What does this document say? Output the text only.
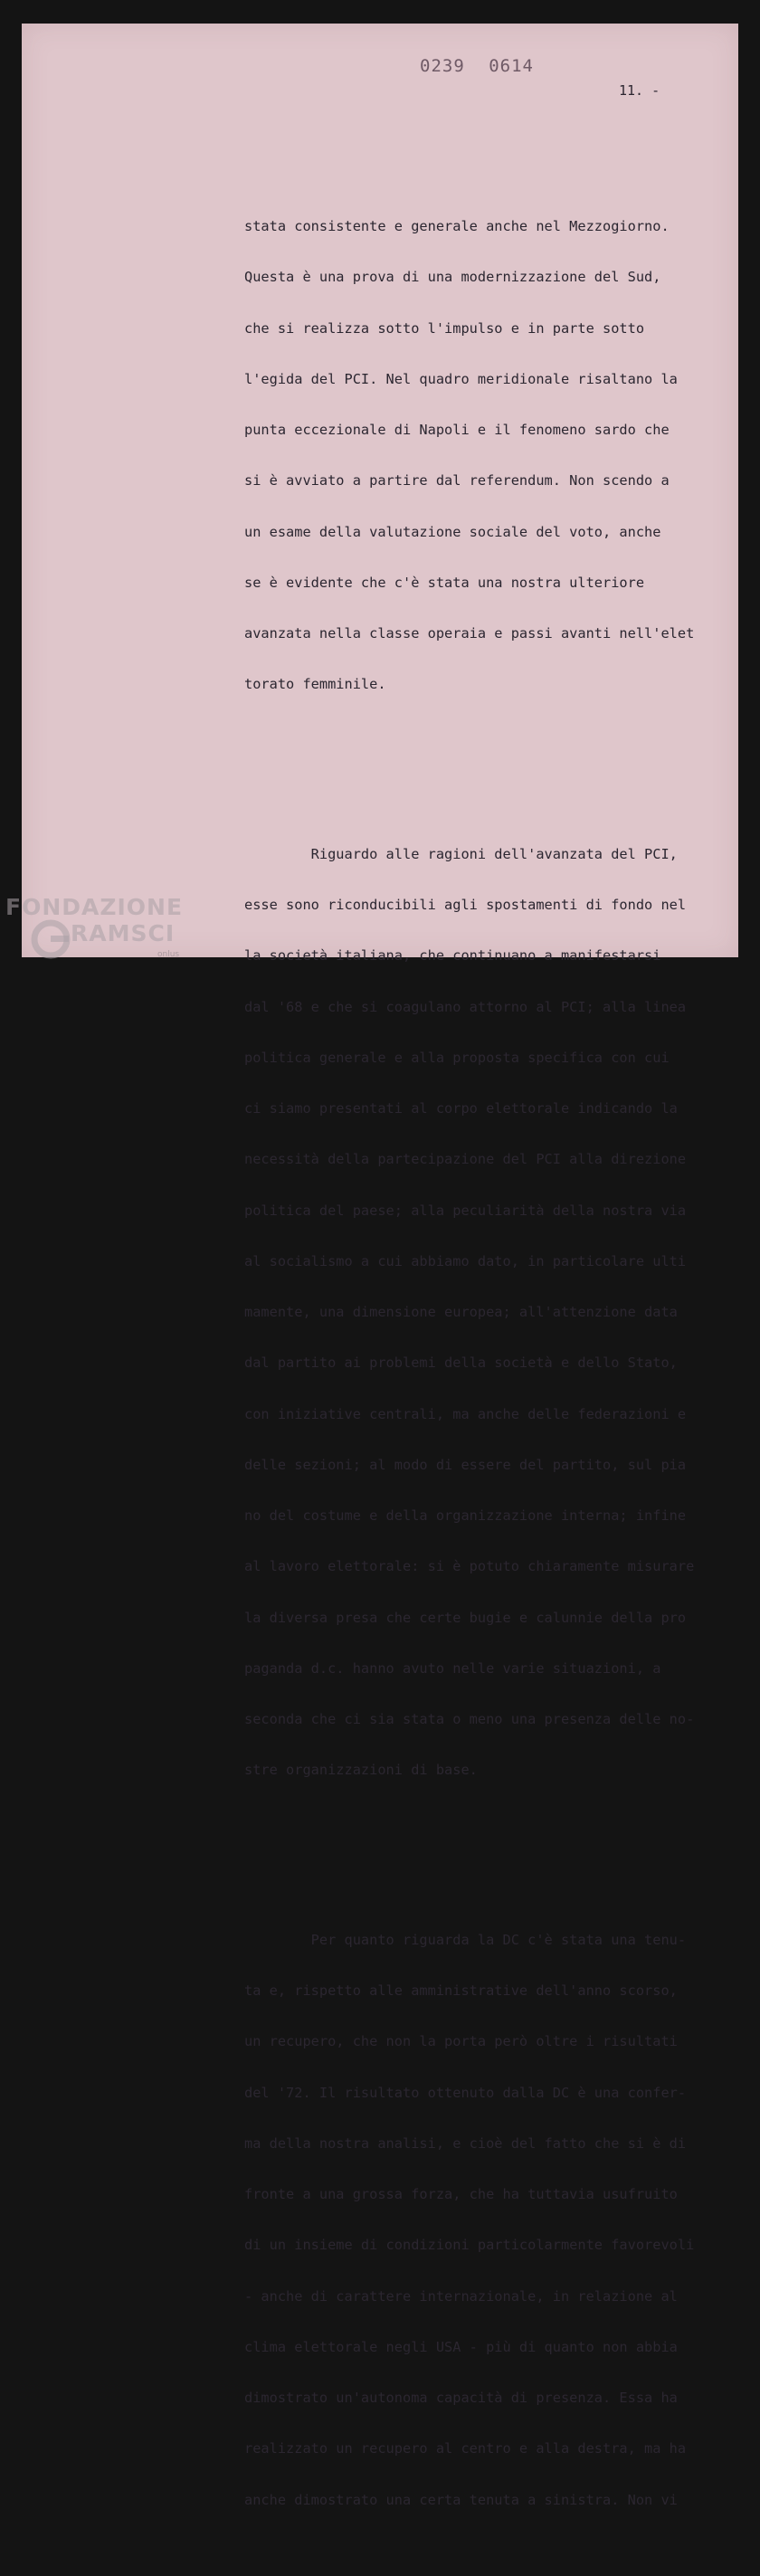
0239 0614
11. -

stata consistente e generale anche nel Mezzogiorno.

Questa è una prova di una modernizzazione del Sud,

che si realizza sotto l'impulso e in parte sotto

l'egida del PCI. Nel quadro meridionale risaltano la

punta eccezionale di Napoli e il fenomeno sardo che

si è avviato a partire dal referendum. Non scendo a

un esame della valutazione sociale del voto, anche

se è evidente che c'è stata una nostra ulteriore

avanzata nella classe operaia e passi avanti nell'elet

torato femminile.

Riguardo alle ragioni dell'avanzata del PCI,

esse sono riconducibili agli spostamenti di fondo nel

la società italiana, che continuano a manifestarsi

dal '68 e che si coagulano attorno al PCI; alla linea

politica generale e alla proposta specifica con cui

ci siamo presentati al corpo elettorale indicando la

necessità della partecipazione del PCI alla direzione

politica del paese; alla peculiarità della nostra via

al socialismo a cui abbiamo dato, in particolare ulti

mamente, una dimensione europea; all'attenzione data

dal partito ai problemi della società e dello Stato,

con iniziative centrali, ma anche delle federazioni e

delle sezioni; al modo di essere del partito, sul pia

no del costume e della organizzazione interna; infine

al lavoro elettorale: si è potuto chiaramente misurare

la diversa presa che certe bugie e calunnie della pro

paganda d.c. hanno avuto nelle varie situazioni, a

seconda che ci sia stata o meno una presenza delle no-

stre organizzazioni di base.

Per quanto riguarda la DC c'è stata una tenu-

ta e, rispetto alle amministrative dell'anno scorso,

un recupero, che non la porta però oltre i risultati

del '72. Il risultato ottenuto dalla DC è una confer-

ma della nostra analisi, e cioè del fatto che si è di

fronte a una grossa forza, che ha tuttavia usufruito

di un insieme di condizioni particolarmente favorevoli

- anche di carattere internazionale, in relazione al

clima elettorale negli USA - più di quanto non abbia

dimostrato un'autonoma capacità di presenza. Essa ha

realizzato un recupero al centro e alla destra, ma ha

anche dimostrato una certa tenuta a sinistra. Non vi

FONDAZIONE
RAMSCI
onlus
